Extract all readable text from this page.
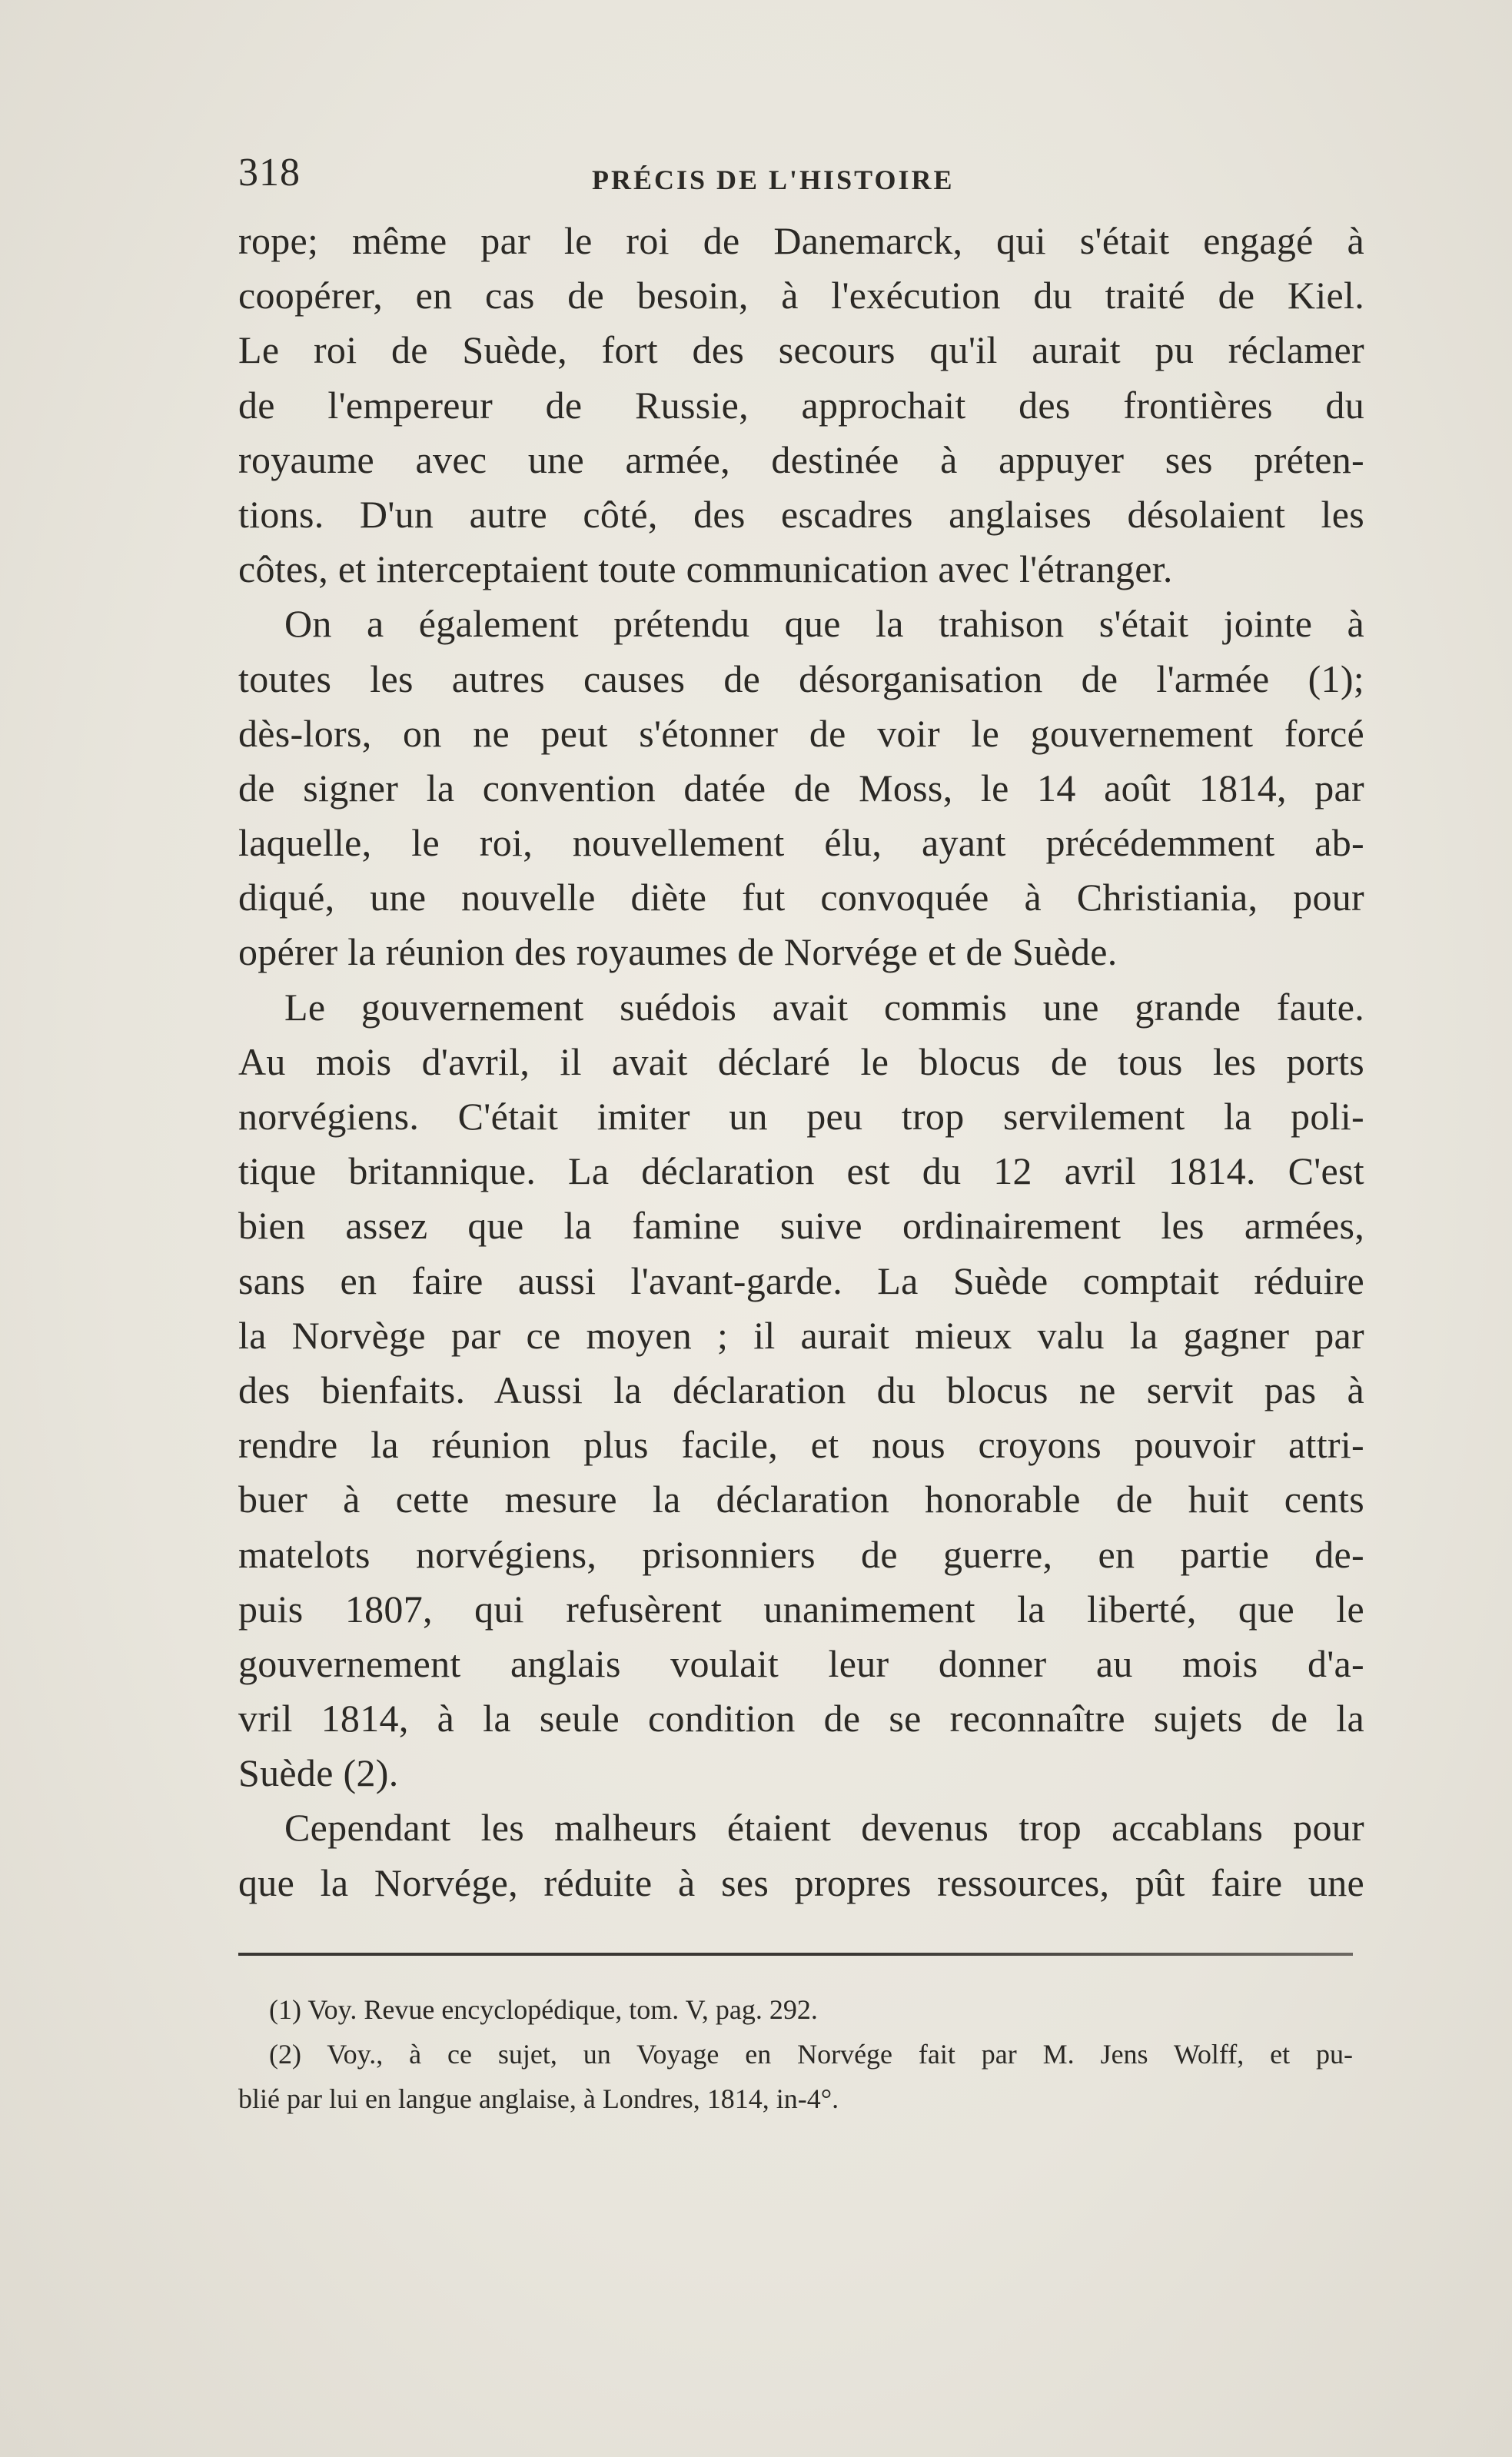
318	PRÉCIS DE L'HISTOIRE
rope; même par le roi de Danemarck, qui s'était engagé à
coopérer, en cas de besoin, à l'exécution du traité de Kiel.
Le roi de Suède, fort des secours qu'il aurait pu réclamer
de l'empereur de Russie, approchait des frontières du
royaume avec une armée, destinée à appuyer ses préten-
tions. D'un autre côté, des escadres anglaises désolaient les
côtes, et interceptaient toute communication avec l'étranger.
On a également prétendu que la trahison s'était jointe à
toutes les autres causes de désorganisation de l'armée (1);
dès-lors, on ne peut s'étonner de voir le gouvernement forcé
de signer la convention datée de Moss, le 14 août 1814, par
laquelle, le roi, nouvellement élu, ayant précédemment ab-
diqué, une nouvelle diète fut convoquée à Christiania, pour
opérer la réunion des royaumes de Norvége et de Suède.
Le gouvernement suédois avait commis une grande faute.
Au mois d'avril, il avait déclaré le blocus de tous les ports
norvégiens. C'était imiter un peu trop servilement la poli-
tique britannique. La déclaration est du 12 avril 1814. C'est
bien assez que la famine suive ordinairement les armées,
sans en faire aussi l'avant-garde. La Suède comptait réduire
la Norvège par ce moyen ; il aurait mieux valu la gagner par
des bienfaits. Aussi la déclaration du blocus ne servit pas à
rendre la réunion plus facile, et nous croyons pouvoir attri-
buer à cette mesure la déclaration honorable de huit cents
matelots norvégiens, prisonniers de guerre, en partie de-
puis 1807, qui refusèrent unanimement la liberté, que le
gouvernement anglais voulait leur donner au mois d'a-
vril 1814, à la seule condition de se reconnaître sujets de la
Suède (2).
Cependant les malheurs étaient devenus trop accablans pour
que la Norvége, réduite à ses propres ressources, pût faire une
(1) Voy. Revue encyclopédique, tom. V, pag. 292.
(2) Voy., à ce sujet, un Voyage en Norvége fait par M. Jens Wolff, et pu-
blié par lui en langue anglaise, à Londres, 1814, in-4°.
